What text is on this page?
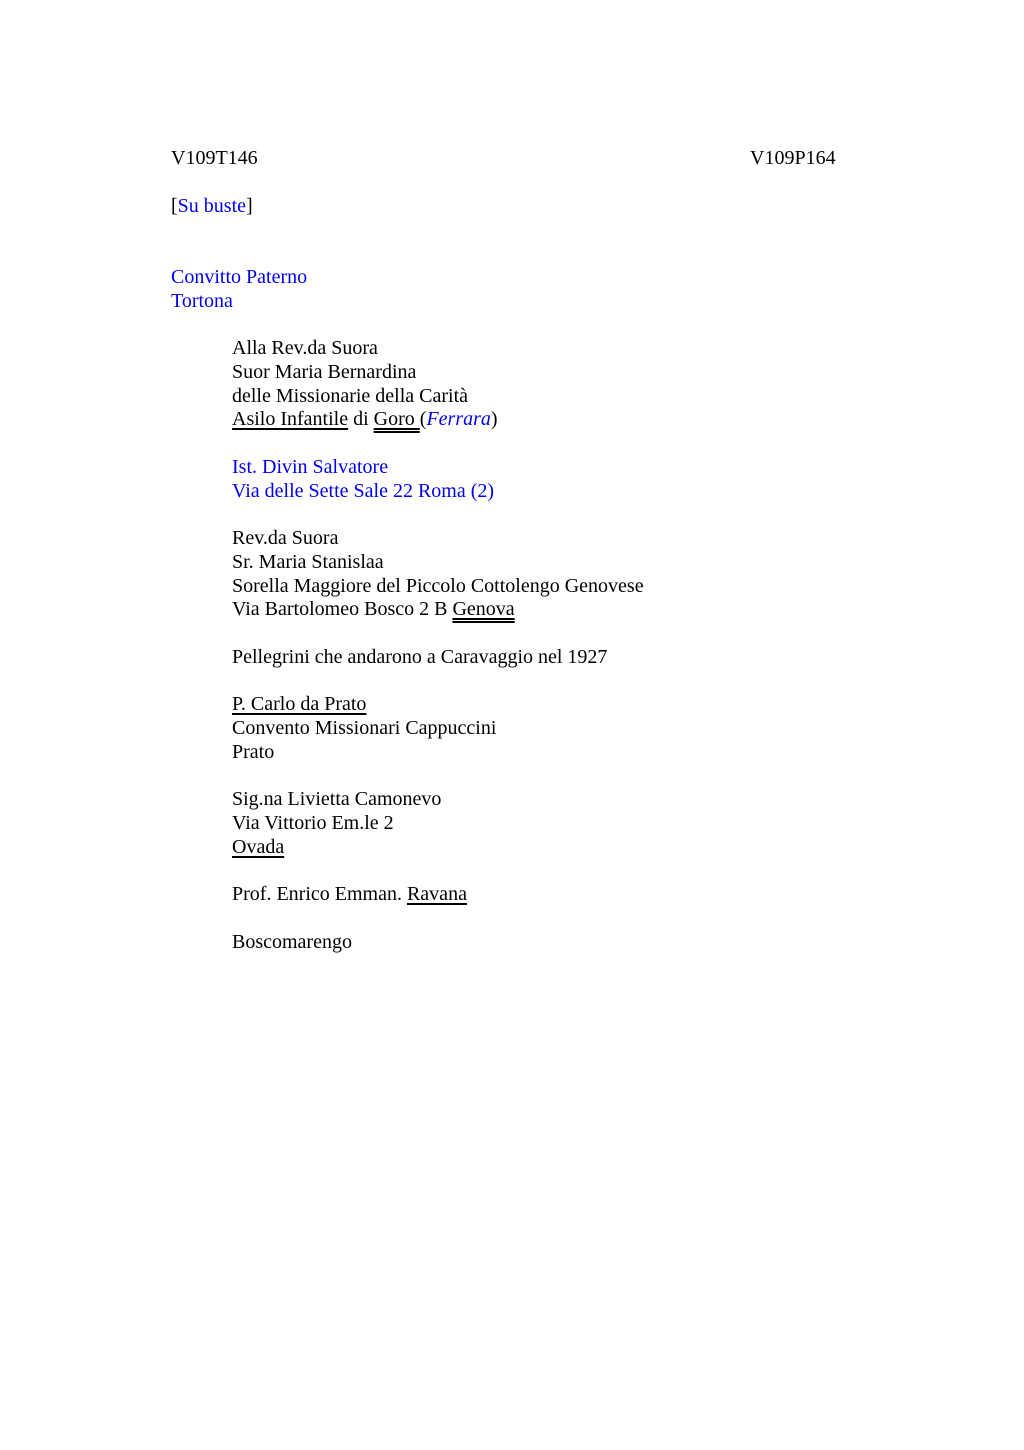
V109T146	V109P164
[Su buste]
Convitto Paterno
Tortona
Alla Rev.da Suora
Suor Maria Bernardina
delle Missionarie della Carità
Asilo Infantile di Goro (Ferrara)
Ist. Divin Salvatore
Via delle Sette Sale 22 Roma (2)
Rev.da Suora
Sr. Maria Stanislaa
Sorella Maggiore del Piccolo Cottolengo Genovese
Via Bartolomeo Bosco 2 B Genova
Pellegrini che andarono a Caravaggio nel 1927
P. Carlo da Prato
Convento Missionari Cappuccini
Prato
Sig.na Livietta Camonevo
Via Vittorio Em.le 2
Ovada
Prof. Enrico Emman. Ravana
Boscomarengo
